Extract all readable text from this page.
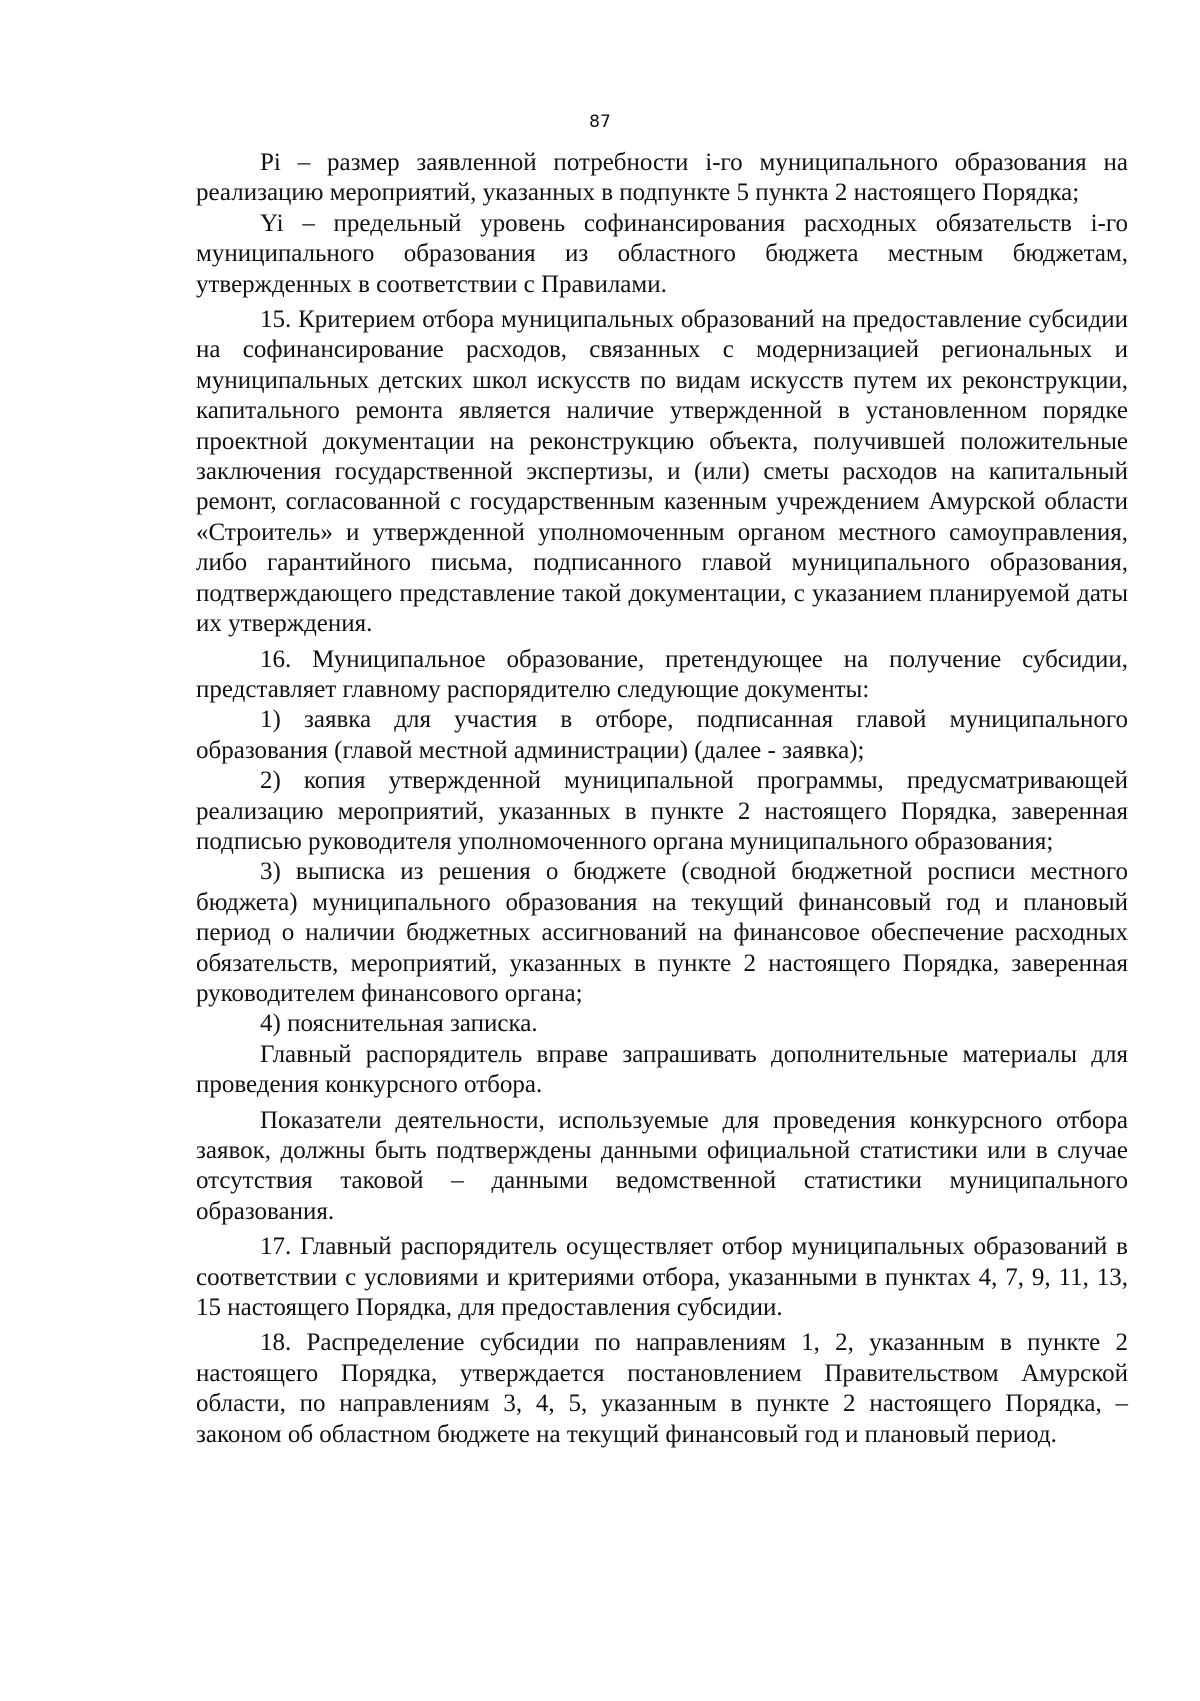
87

Pi – размер заявленной потребности i-го муниципального образования на реализацию мероприятий, указанных в подпункте 5 пункта 2 настоящего Порядка;

Yi – предельный уровень софинансирования расходных обязательств i-го муниципального образования из областного бюджета местным бюджетам, утвержденных в соответствии с Правилами.

15. Критерием отбора муниципальных образований на предоставление субсидии на софинансирование расходов, связанных с модернизацией региональных и муниципальных детских школ искусств по видам искусств путем их реконструкции, капитального ремонта является наличие утвержденной в установленном порядке проектной документации на реконструкцию объекта, получившей положительные заключения государственной экспертизы, и (или) сметы расходов на капитальный ремонт, согласованной с государственным казенным учреждением Амурской области «Строитель» и утвержденной уполномоченным органом местного самоуправления, либо гарантийного письма, подписанного главой муниципального образования, подтверждающего представление такой документации, с указанием планируемой даты их утверждения.

16. Муниципальное образование, претендующее на получение субсидии, представляет главному распорядителю следующие документы:

1) заявка для участия в отборе, подписанная главой муниципального образования (главой местной администрации) (далее - заявка);

2) копия утвержденной муниципальной программы, предусматривающей реализацию мероприятий, указанных в пункте 2 настоящего Порядка, заверенная подписью руководителя уполномоченного органа муниципального образования;

3) выписка из решения о бюджете (сводной бюджетной росписи местного бюджета) муниципального образования на текущий финансовый год и плановый период о наличии бюджетных ассигнований на финансовое обеспечение расходных обязательств, мероприятий, указанных в пункте 2 настоящего Порядка, заверенная руководителем финансового органа;

4) пояснительная записка.

Главный распорядитель вправе запрашивать дополнительные материалы для проведения конкурсного отбора.

Показатели деятельности, используемые для проведения конкурсного отбора заявок, должны быть подтверждены данными официальной статистики или в случае отсутствия таковой – данными ведомственной статистики муниципального образования.

17. Главный распорядитель осуществляет отбор муниципальных образований в соответствии с условиями и критериями отбора, указанными в пунктах 4, 7, 9, 11, 13, 15 настоящего Порядка, для предоставления субсидии.

18. Распределение субсидии по направлениям 1, 2, указанным в пункте 2 настоящего Порядка, утверждается постановлением Правительством Амурской области, по направлениям 3, 4, 5, указанным в пункте 2 настоящего Порядка, – законом об областном бюджете на текущий финансовый год и плановый период.
